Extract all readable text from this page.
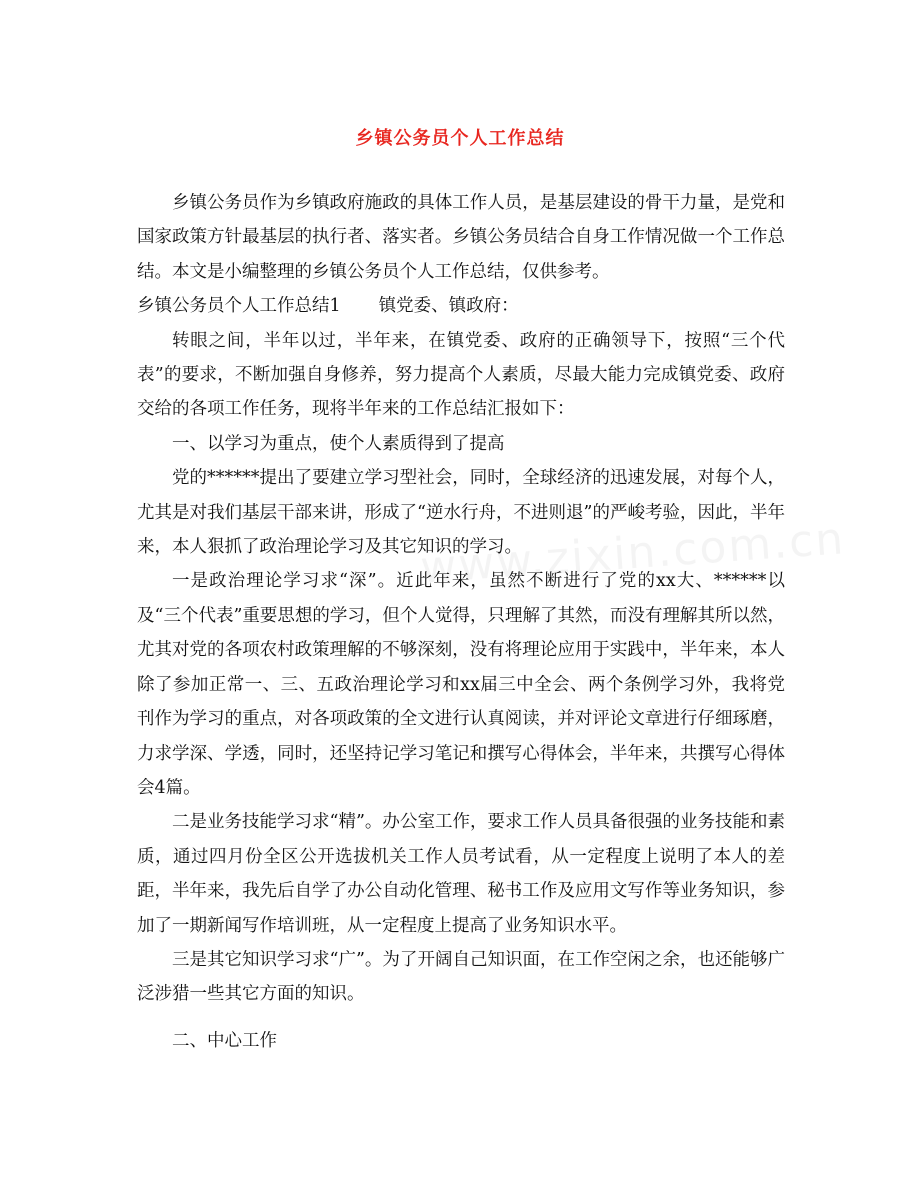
乡镇公务员个人工作总结

乡镇公务员作为乡镇政府施政的具体工作人员，是基层建设的骨干力量，是党和国家政策方针最基层的执行者、落实者。乡镇公务员结合自身工作情况做一个工作总结。本文是小编整理的乡镇公务员个人工作总结，仅供参考。

乡镇公务员个人工作总结1 镇党委、镇政府：

转眼之间，半年以过，半年来，在镇党委、政府的正确领导下，按照“三个代表”的要求，不断加强自身修养，努力提高个人素质，尽最大能力完成镇党委、政府交给的各项工作任务，现将半年来的工作总结汇报如下：

一、以学习为重点，使个人素质得到了提高

党的******提出了要建立学习型社会，同时，全球经济的迅速发展，对每个人，尤其是对我们基层干部来讲，形成了“逆水行舟，不进则退”的严峻考验，因此，半年来，本人狠抓了政治理论学习及其它知识的学习。

一是政治理论学习求“深”。近此年来，虽然不断进行了党的xx大、******以及“三个代表”重要思想的学习，但个人觉得，只理解了其然，而没有理解其所以然，尤其对党的各项农村政策理解的不够深刻，没有将理论应用于实践中，半年来，本人除了参加正常一、三、五政治理论学习和xx届三中全会、两个条例学习外，我将党刊作为学习的重点，对各项政策的全文进行认真阅读，并对评论文章进行仔细琢磨，力求学深、学透，同时，还坚持记学习笔记和撰写心得体会，半年来，共撰写心得体会4篇。

二是业务技能学习求“精”。办公室工作，要求工作人员具备很强的业务技能和素质，通过四月份全区公开选拔机关工作人员考试看，从一定程度上说明了本人的差距，半年来，我先后自学了办公自动化管理、秘书工作及应用文写作等业务知识，参加了一期新闻写作培训班，从一定程度上提高了业务知识水平。

三是其它知识学习求“广”。为了开阔自己知识面，在工作空闲之余，也还能够广泛涉猎一些其它方面的知识。

二、中心工作
